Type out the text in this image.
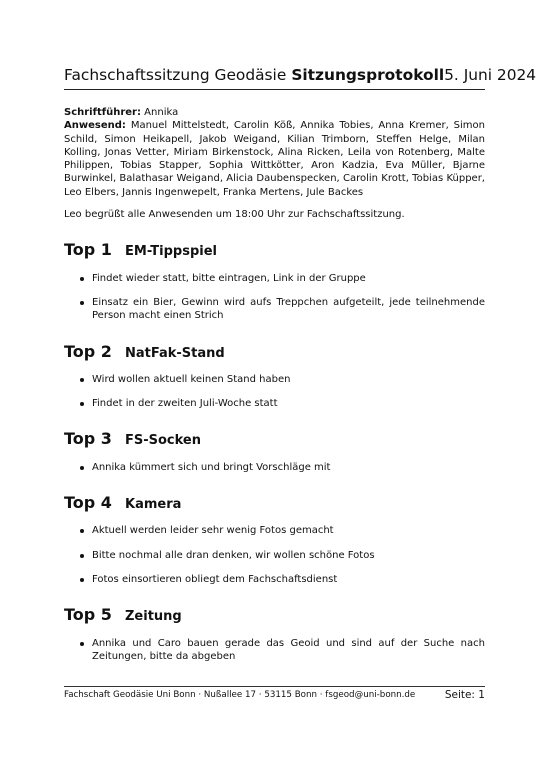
Fachschaftssitzung Geodäsie Sitzungsprotokoll 5. Juni 2024

Schriftführer: Annika

Anwesend: Manuel Mittelstedt, Carolin Köß, Annika Tobies, Anna Kremer, Simon Schild, Simon Heikapell, Jakob Weigand, Kilian Trimborn, Steffen Helge, Milan Kolling, Jonas Vetter, Miriam Birkenstock, Alina Ricken, Leila von Rotenberg, Malte Philippen, Tobias Stapper, Sophia Wittkötter, Aron Kadzia, Eva Müller, Bjarne Burwinkel, Balathasar Weigand, Alicia Daubenspecken, Carolin Krott, Tobias Küpper, Leo Elbers, Jannis Ingenwepelt, Franka Mertens, Jule Backes

Leo begrüßt alle Anwesenden um 18:00 Uhr zur Fachschaftssitzung.

Top 1	EM-Tippspiel
Findet wieder statt, bitte eintragen, Link in der Gruppe
Einsatz ein Bier, Gewinn wird aufs Treppchen aufgeteilt, jede teilnehmende Person macht einen Strich
Top 2	NatFak-Stand
Wird wollen aktuell keinen Stand haben
Findet in der zweiten Juli-Woche statt
Top 3	FS-Socken
Annika kümmert sich und bringt Vorschläge mit
Top 4	Kamera
Aktuell werden leider sehr wenig Fotos gemacht
Bitte nochmal alle dran denken, wir wollen schöne Fotos
Fotos einsortieren obliegt dem Fachschaftsdienst
Top 5	Zeitung
Annika und Caro bauen gerade das Geoid und sind auf der Suche nach Zeitungen, bitte da abgeben
Fachschaft Geodäsie Uni Bonn · Nußallee 17 · 53115 Bonn · fsgeod@uni-bonn.de	Seite: 1
